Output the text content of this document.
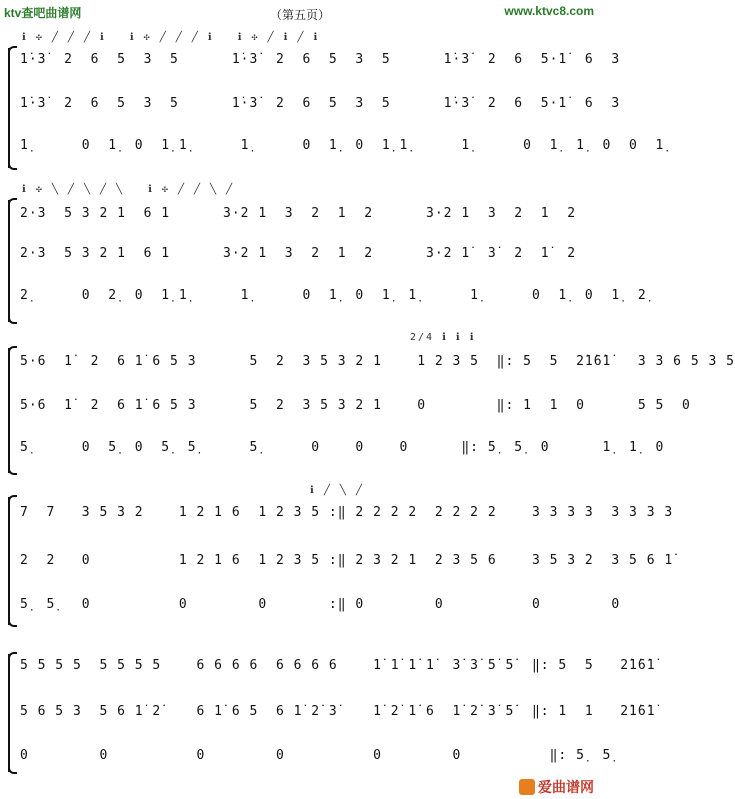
ktv查吧曲谱网	（第五页）	www.ktvc8.com
ℹ ✣ ╱ ╱ ╱ ℹ   ℹ ✣ ╱ ╱ ╱ ℹ   ℹ ✣ ╱ ℹ ╱ ℹ
1̇·3̇  2  6  5  3  5      1̇·3̇  2  6  5  3  5      1̇·3̇  2  6  5·1̇  6  3
1̇·3̇  2  6  5  3  5      1̇·3̇  2  6  5  3  5      1̇·3̇  2  6  5·1̇  6  3
1̣      0  1̣  0  1̣ 1̣      1̣      0  1̣  0  1̣ 1̣      1̣      0  1̣  1̣  0  0  1̣
ℹ ✣ ╲ ╱ ╲ ╱ ╲   ℹ ✣ ╱ ╱ ╲ ╱
2·3  5 3 2 1  6 1      3·2 1  3  2  1  2      3·2 1  3  2  1  2
2·3  5 3 2 1  6 1      3·2 1  3  2  1  2      3·2 1̇  3̇  2  1̇  2
2̣      0  2̣  0  1̣ 1̣      1̣      0  1̣  0  1̣  1̣      1̣      0  1̣  0  1̣  2̣
2/4 ℹ ℹ ℹ
5·6  1̇  2  6 1̇ 6 5 3      5  2  3 5 3 2 1    1 2 3 5  ‖: 5  5  2̇1̇6̇1̇   3 3 6 5 3 5
5·6  1̇  2  6 1̇ 6 5 3      5  2  3 5 3 2 1    0        ‖: 1  1  0      5 5  0
5̣      0  5̣  0  5̣  5̣      5̣      0    0    0      ‖: 5̣  5̣  0      1̣  1̣  0
ℹ ╱ ╲ ╱
7  7   3 5 3 2    1 2 1 6  1 2 3 5 :‖ 2 2 2 2  2 2 2 2    3 3 3 3  3 3 3 3
2  2   0          1 2 1 6  1 2 3 5 :‖ 2 3 2 1  2 3 5 6    3 5 3 2  3 5 6 1̇
5̣  5̣   0          0        0       :‖ 0        0          0        0
5 5 5 5  5 5 5 5    6 6 6 6  6 6 6 6    1̇ 1̇ 1̇ 1̇  3̇ 3̇ 5̇ 5̇  ‖: 5  5   2̇1̇6̇1̇
5 6 5 3  5 6 1̇ 2̇    6 1̇ 6 5  6 1̇ 2̇ 3̇    1̇ 2̇ 1̇ 6  1̇ 2̇ 3̇ 5̇  ‖: 1  1   2̇1̇6̇1̇
0        0          0        0          0        0          ‖: 5̣  5̣
爱曲谱网
